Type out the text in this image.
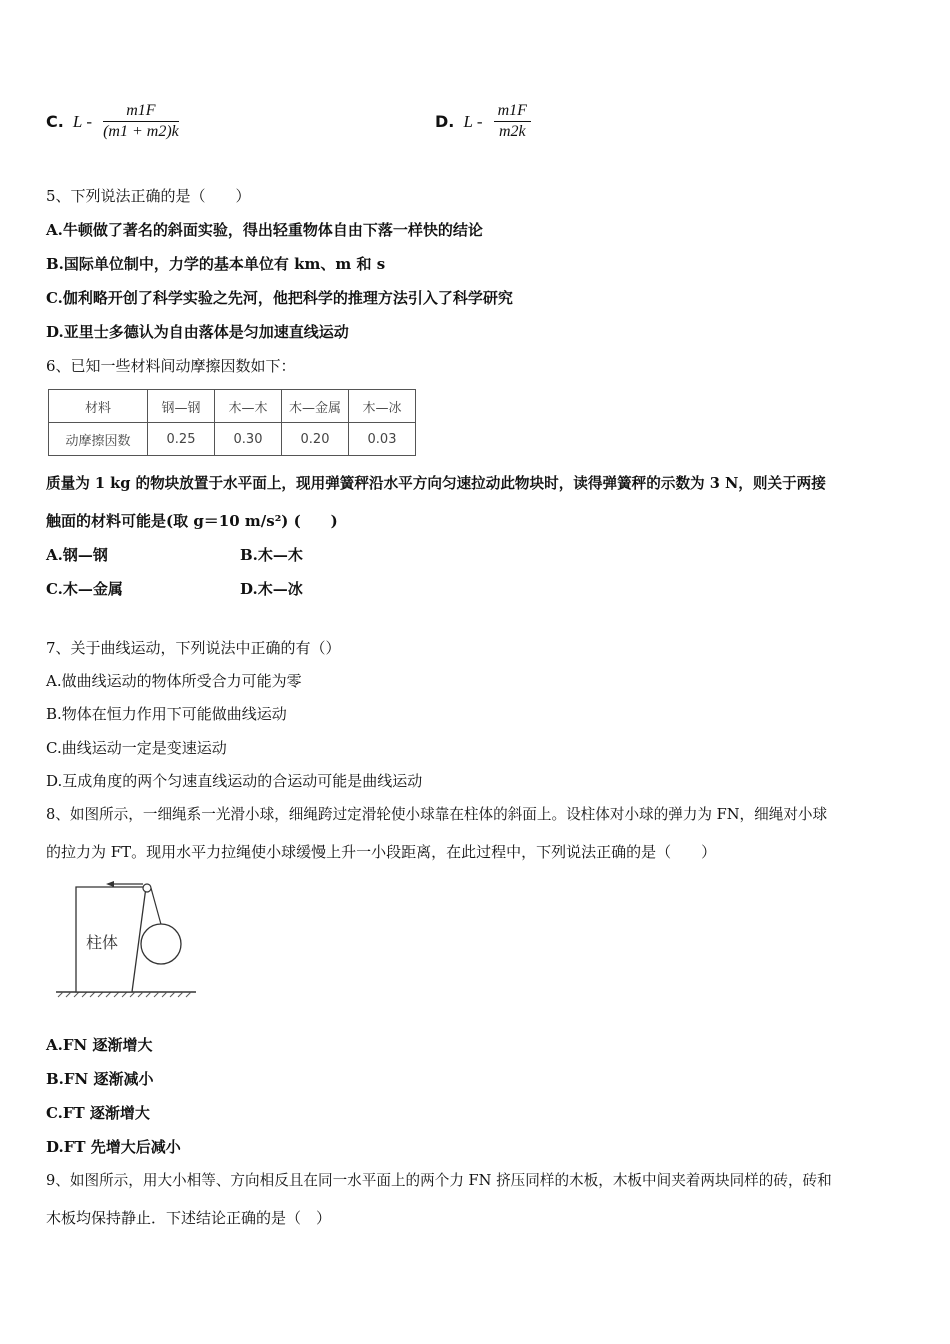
C. L - $\frac{m1F}{(m1 + m2)k}$	D. L - $\frac{m1F}{m2k}$
5、下列说法正确的是（　　）
A.牛顿做了著名的斜面实验，得出轻重物体自由下落一样快的结论
B.国际单位制中，力学的基本单位有 km、m 和 s
C.伽利略开创了科学实验之先河，他把科学的推理方法引入了科学研究
D.亚里士多德认为自由落体是匀加速直线运动
6、已知一些材料间动摩擦因数如下：
材料	钢—钢	木—木	木—金属	木—冰
动摩擦因数	0.25	0.30	0.20	0.03
质量为 1 kg 的物块放置于水平面上，现用弹簧秤沿水平方向匀速拉动此物块时，读得弹簧秤的示数为 3 N，则关于两接
触面的材料可能是(取 g＝10 m/s²) (　　)
A.钢—钢	B.木—木
C.木—金属	D.木—冰
7、关于曲线运动，下列说法中正确的有（）
A.做曲线运动的物体所受合力可能为零
B.物体在恒力作用下可能做曲线运动
C.曲线运动一定是变速运动
D.互成角度的两个匀速直线运动的合运动可能是曲线运动
8、如图所示，一细绳系一光滑小球，细绳跨过定滑轮使小球靠在柱体的斜面上。设柱体对小球的弹力为 FN，细绳对小球
的拉力为 FT。现用水平力拉绳使小球缓慢上升一小段距离，在此过程中，下列说法正确的是（　　）
柱体
A.FN 逐渐增大
B.FN 逐渐减小
C.FT 逐渐增大
D.FT 先增大后减小
9、如图所示，用大小相等、方向相反且在同一水平面上的两个力 FN 挤压同样的木板，木板中间夹着两块同样的砖，砖和
木板均保持静止．下述结论正确的是（　）
